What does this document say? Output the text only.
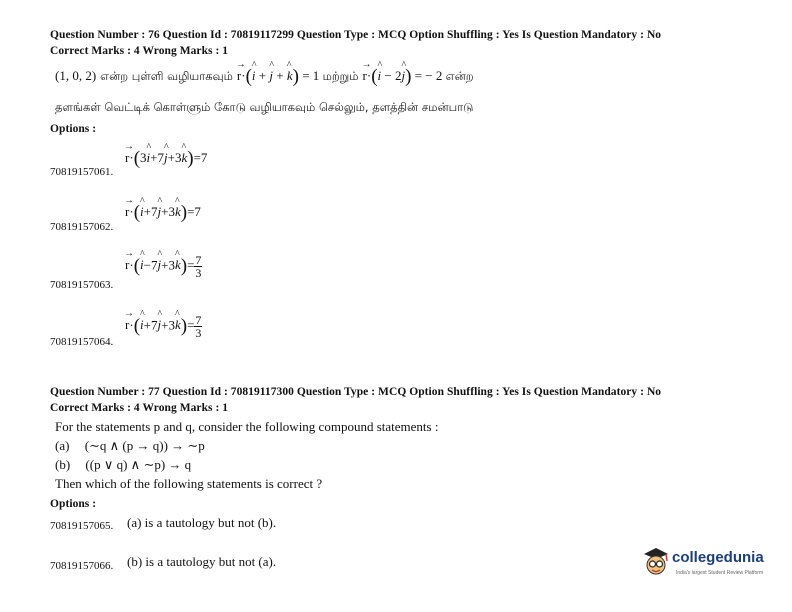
Question Number : 76 Question Id : 70819117299 Question Type : MCQ Option Shuffling : Yes Is Question Mandatory : No
Correct Marks : 4 Wrong Marks : 1
(1, 0, 2) என்ற புள்ளி வழியாகவும் → r·(^ i + ^ j + ^ k) = 1 மற்றும் → r·(^ i − 2^ j) = − 2 என்ற
தளங்கள் வெட்டிக் கொள்ளும் கோடு வழியாகவும் செல்லும், தளத்தின் சமன்பாடு
Options :
→ r·(3^ i+7^ j+3^ k)=7
70819157061.
→ r·(^ i+7^ j+3^ k)=7
70819157062.
→ r·(^ i−7^ j+3^ $k)= \frac{7}{3}$
70819157063.
→ r·(^ i+7^ j+3^ $k)= \frac{7}{3}$
70819157064.
Question Number : 77 Question Id : 70819117300 Question Type : MCQ Option Shuffling : Yes Is Question Mandatory : No
Correct Marks : 4 Wrong Marks : 1
For the statements p and q, consider the following compound statements :
(a) (∼q ∧ (p → q)) → ∼p
(b) ((p ∨ q) ∧ ∼p) → q
Then which of the following statements is correct ?
Options :
70819157065. (a) is a tautology but not (b).
70819157066. (b) is a tautology but not (a).	collegedunia
India's largest Student Review Platform
